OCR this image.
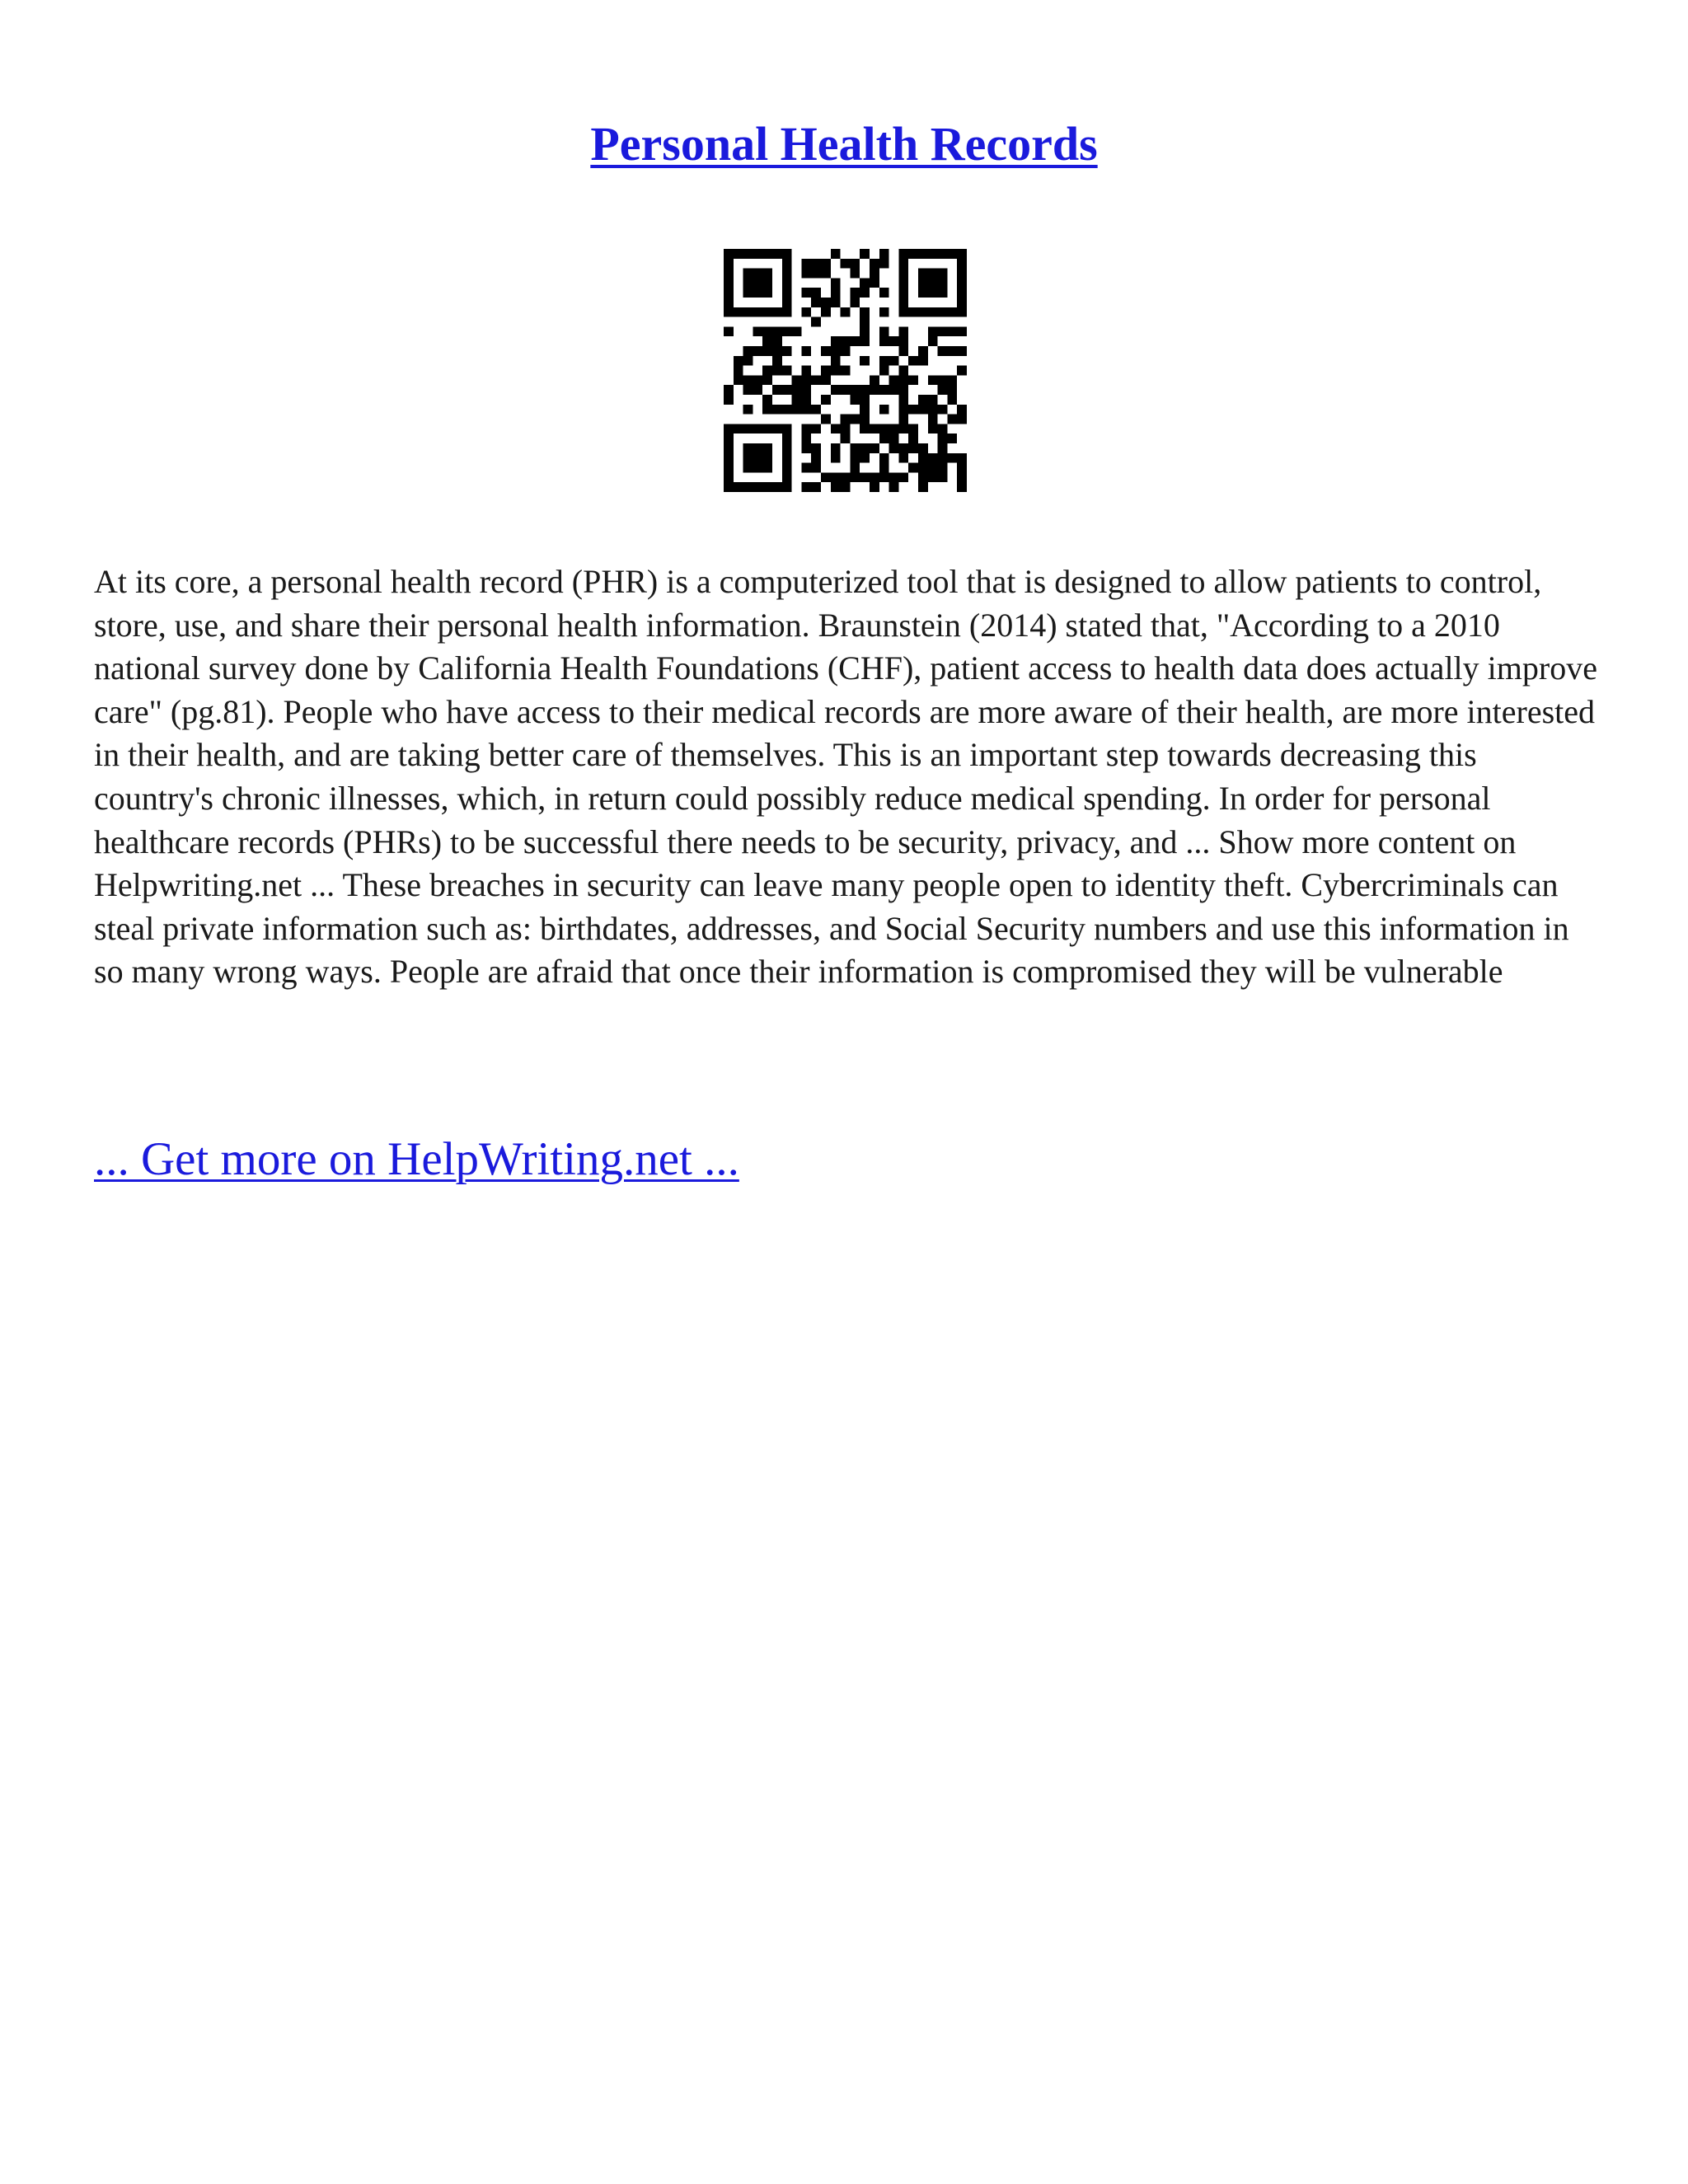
Personal Health Records

At its core, a personal health record (PHR) is a computerized tool that is designed to allow patients to control, store, use, and share their personal health information. Braunstein (2014) stated that, "According to a 2010 national survey done by California Health Foundations (CHF), patient access to health data does actually improve care" (pg.81). People who have access to their medical records are more aware of their health, are more interested in their health, and are taking better care of themselves. This is an important step towards decreasing this country's chronic illnesses, which, in return could possibly reduce medical spending. In order for personal healthcare records (PHRs) to be successful there needs to be security, privacy, and ... Show more content on Helpwriting.net ... These breaches in security can leave many people open to identity theft. Cybercriminals can steal private information such as: birthdates, addresses, and Social Security numbers and use this information in so many wrong ways. People are afraid that once their information is compromised they will be vulnerable

... Get more on HelpWriting.net ...
